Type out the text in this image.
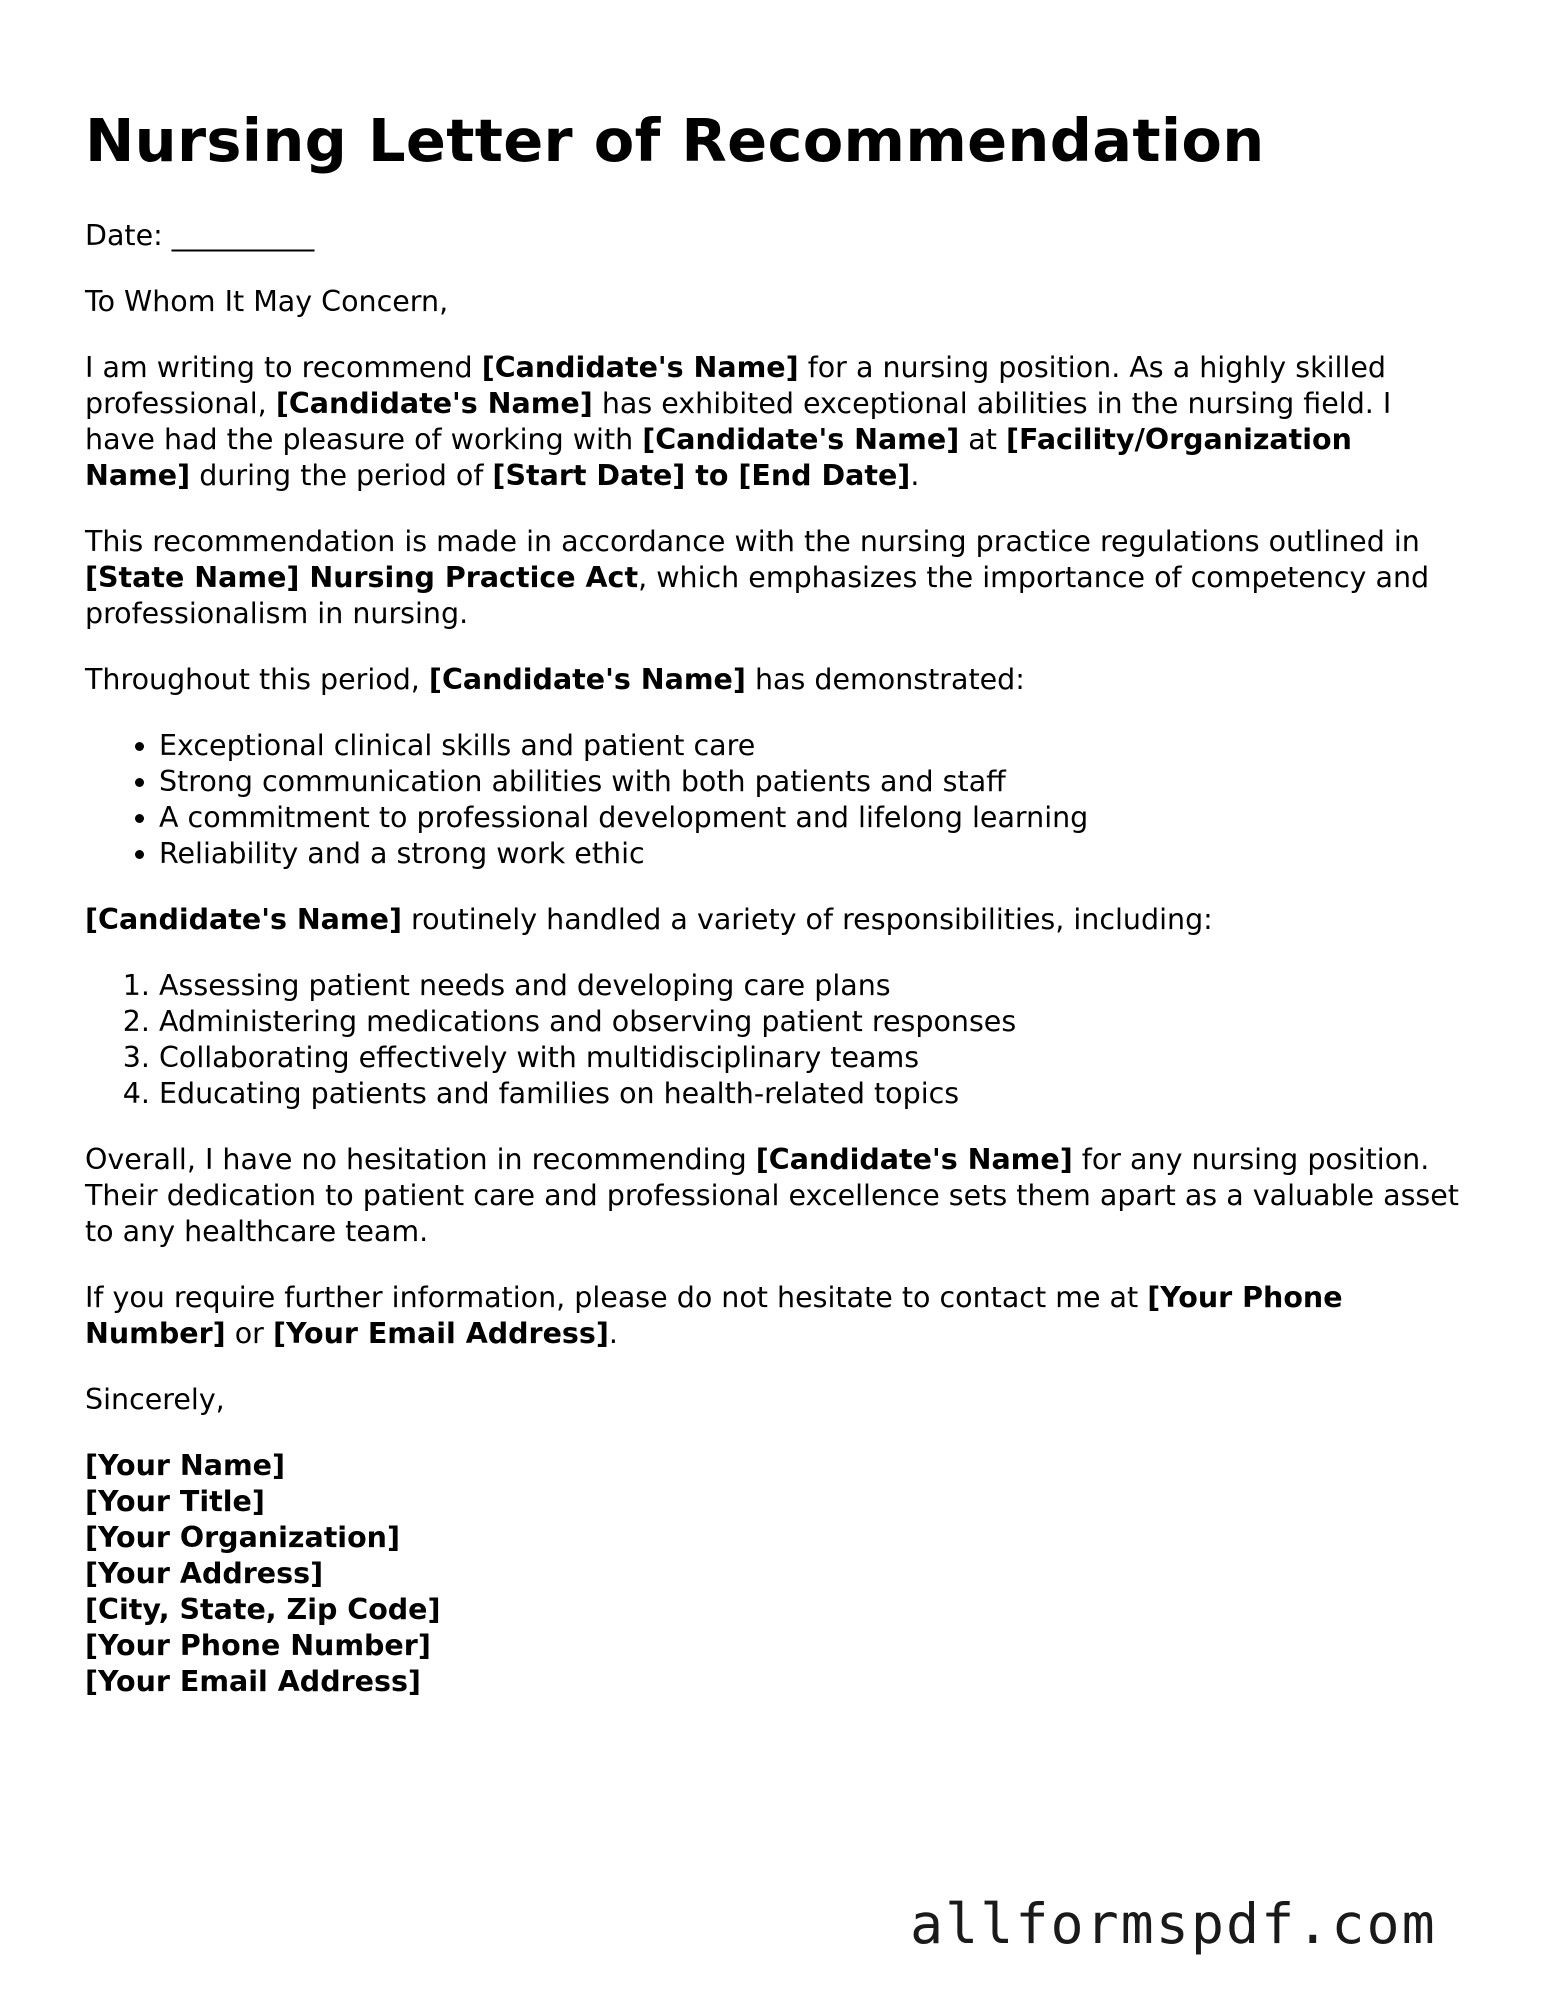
Nursing Letter of Recommendation

Date: __________

To Whom It May Concern,

I am writing to recommend [Candidate's Name] for a nursing position. As a highly skilled professional, [Candidate's Name] has exhibited exceptional abilities in the nursing field. I have had the pleasure of working with [Candidate's Name] at [Facility/Organization Name] during the period of [Start Date] to [End Date].

This recommendation is made in accordance with the nursing practice regulations outlined in [State Name] Nursing Practice Act, which emphasizes the importance of competency and professionalism in nursing.

Throughout this period, [Candidate's Name] has demonstrated:

• Exceptional clinical skills and patient care
• Strong communication abilities with both patients and staff
• A commitment to professional development and lifelong learning
• Reliability and a strong work ethic

[Candidate's Name] routinely handled a variety of responsibilities, including:

1. Assessing patient needs and developing care plans
2. Administering medications and observing patient responses
3. Collaborating effectively with multidisciplinary teams
4. Educating patients and families on health-related topics

Overall, I have no hesitation in recommending [Candidate's Name] for any nursing position. Their dedication to patient care and professional excellence sets them apart as a valuable asset to any healthcare team.

If you require further information, please do not hesitate to contact me at [Your Phone Number] or [Your Email Address].

Sincerely,

[Your Name]
[Your Title]
[Your Organization]
[Your Address]
[City, State, Zip Code]
[Your Phone Number]
[Your Email Address]
allformspdf.com
